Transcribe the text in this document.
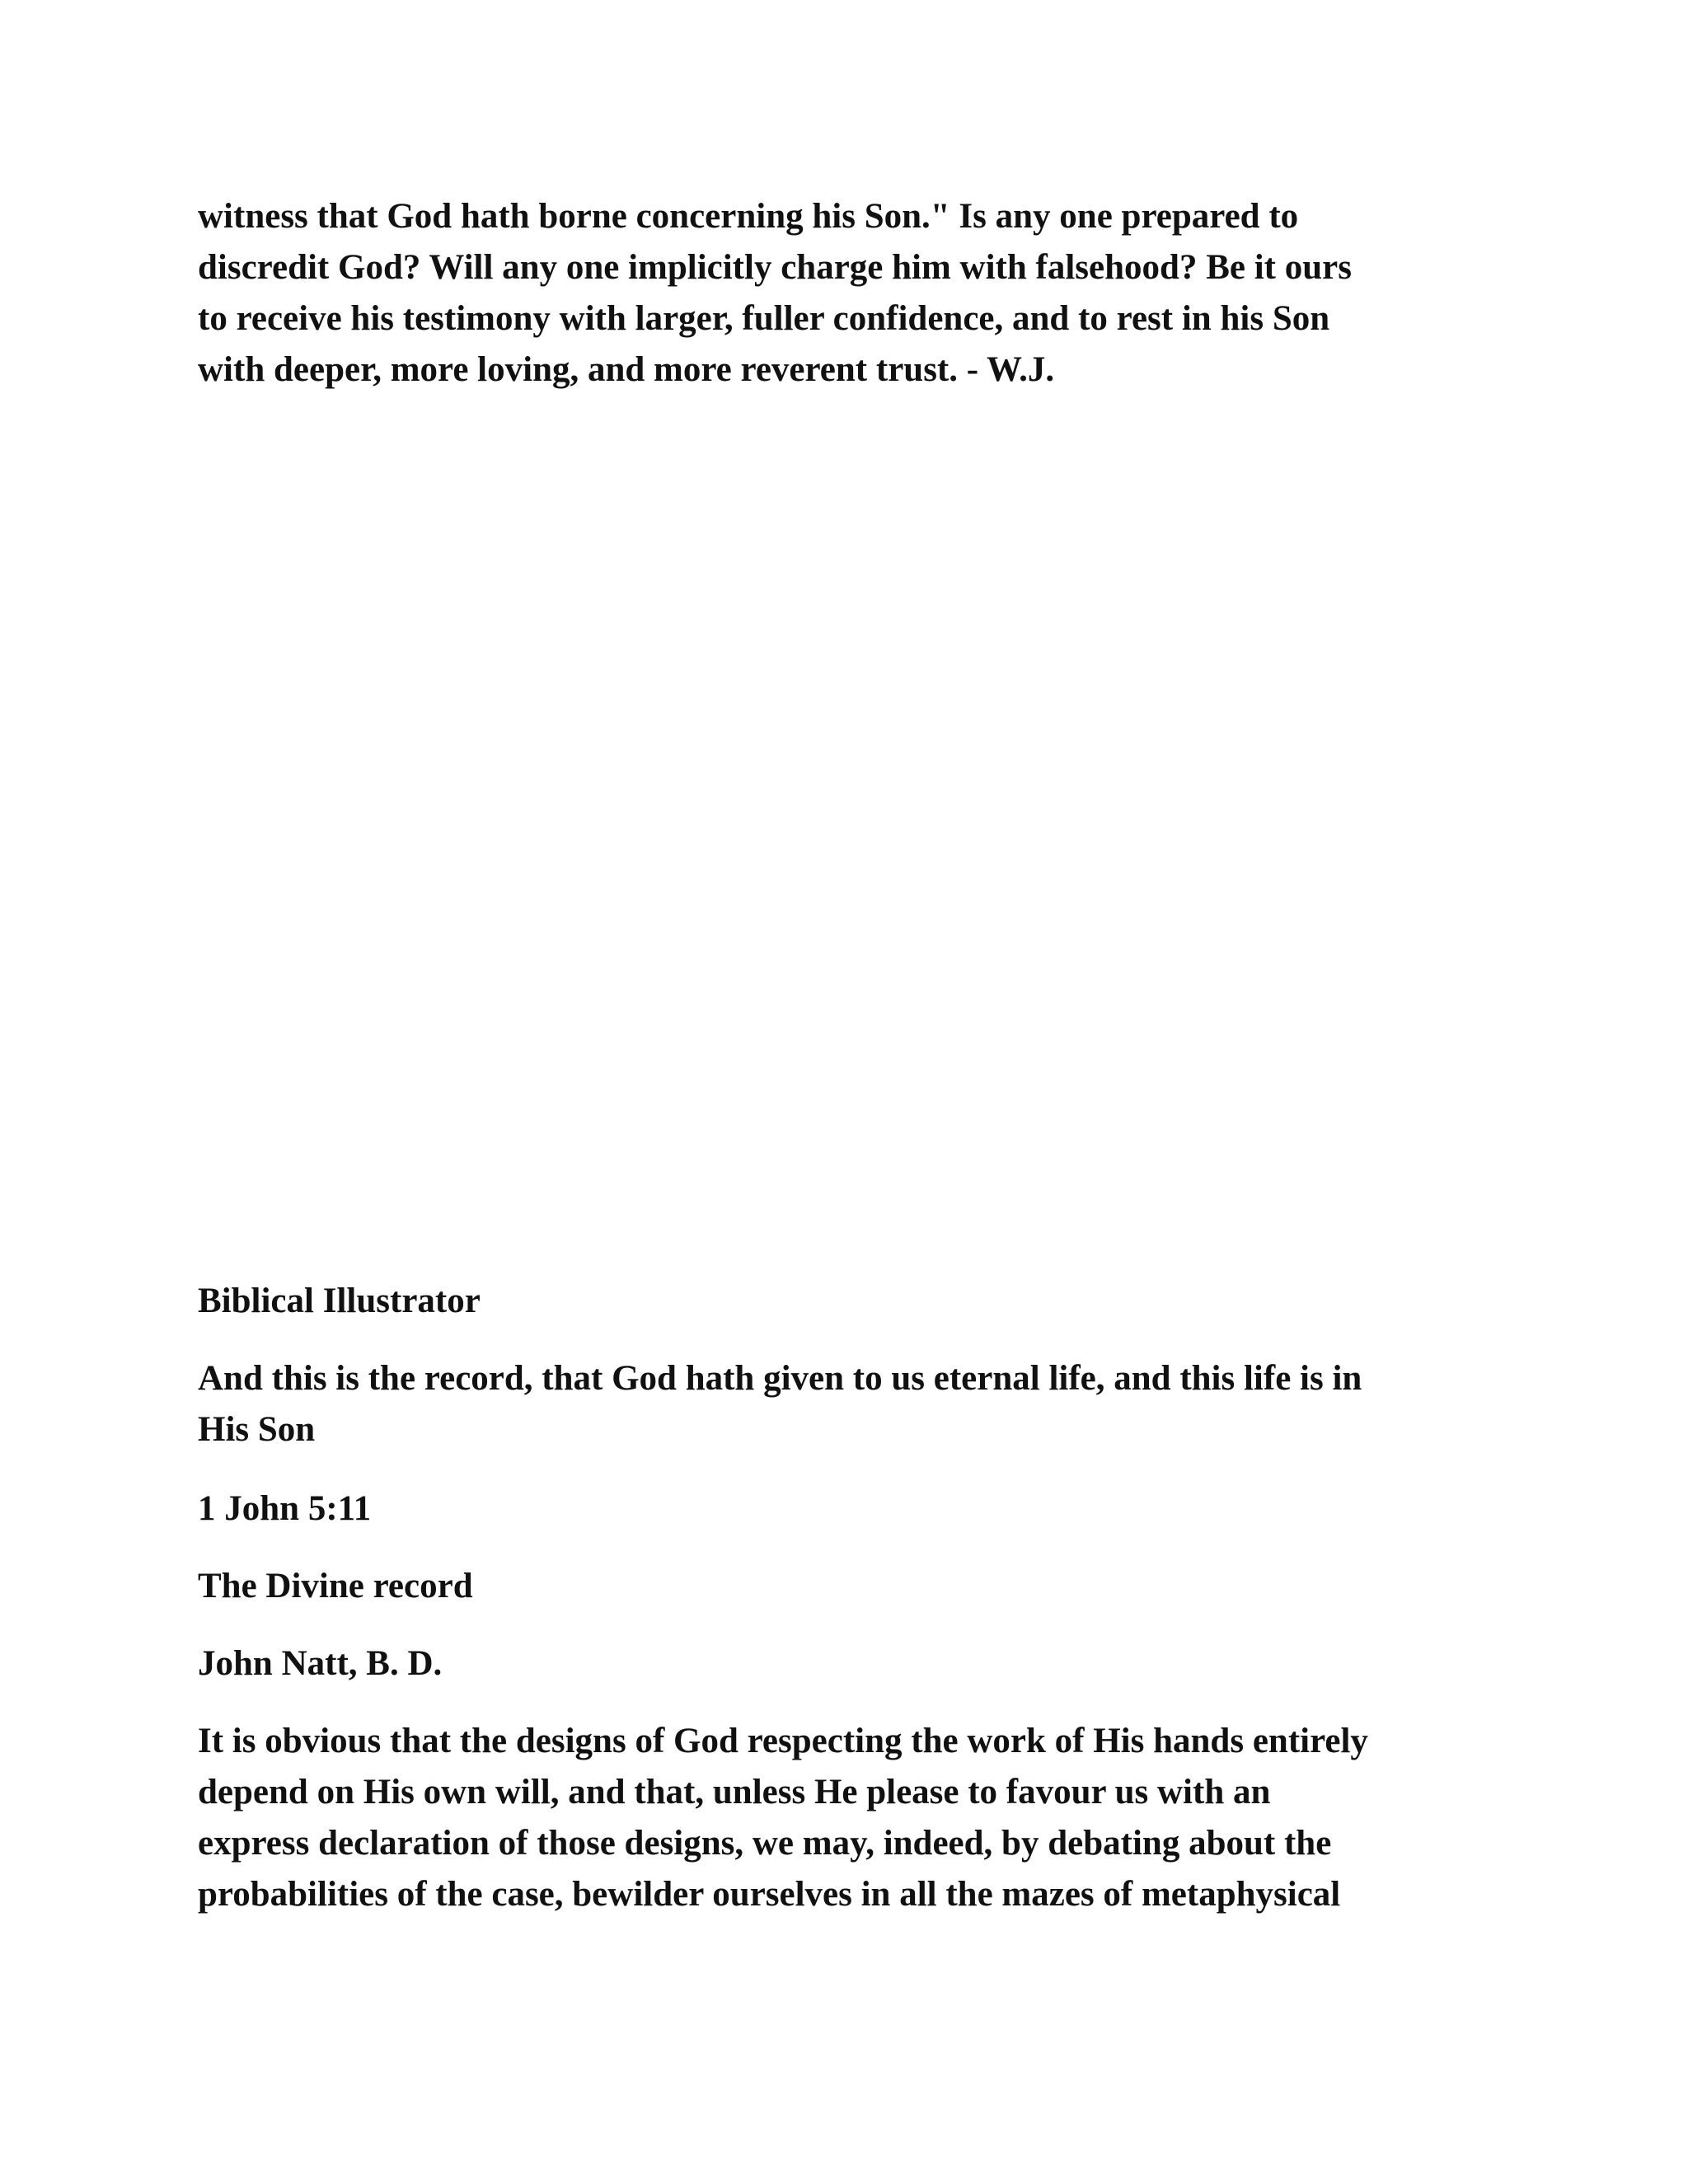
witness that God hath borne concerning his Son." Is any one prepared to
discredit God? Will any one implicitly charge him with falsehood? Be it ours
to receive his testimony with larger, fuller confidence, and to rest in his Son
with deeper, more loving, and more reverent trust. - W.J.

Biblical Illustrator

And this is the record, that God hath given to us eternal life, and this life is in
His Son

1 John 5:11

The Divine record

John Natt, B. D.

It is obvious that the designs of God respecting the work of His hands entirely
depend on His own will, and that, unless He please to favour us with an
express declaration of those designs, we may, indeed, by debating about the
probabilities of the case, bewilder ourselves in all the mazes of metaphysical
